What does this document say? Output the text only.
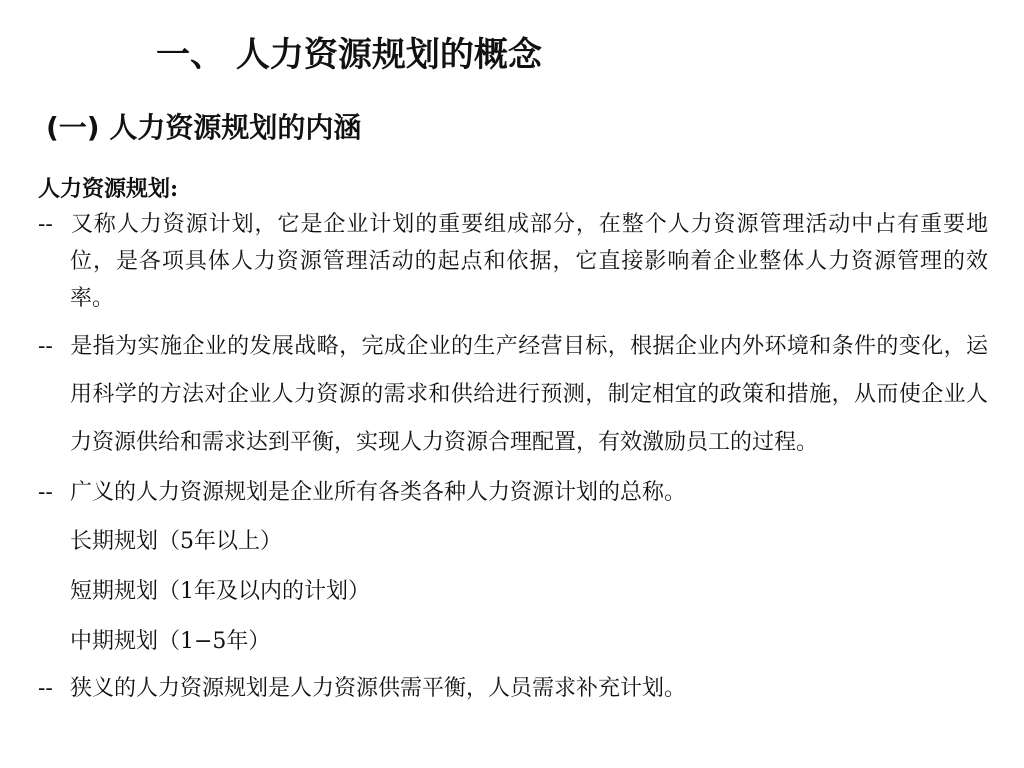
一、 人力资源规划的概念
(一) 人力资源规划的内涵

人力资源规划:

-- 又称人力资源计划，它是企业计划的重要组成部分，在整个人力资源管理活动中占有重要地位，是各项具体人力资源管理活动的起点和依据，它直接影响着企业整体人力资源管理的效率。

-- 是指为实施企业的发展战略，完成企业的生产经营目标，根据企业内外环境和条件的变化，运用科学的方法对企业人力资源的需求和供给进行预测，制定相宜的政策和措施，从而使企业人力资源供给和需求达到平衡，实现人力资源合理配置，有效激励员工的过程。

-- 广义的人力资源规划是企业所有各类各种人力资源计划的总称。

长期规划（5年以上）
短期规划（1年及以内的计划）
中期规划（1−5年）

-- 狭义的人力资源规划是人力资源供需平衡，人员需求补充计划。
